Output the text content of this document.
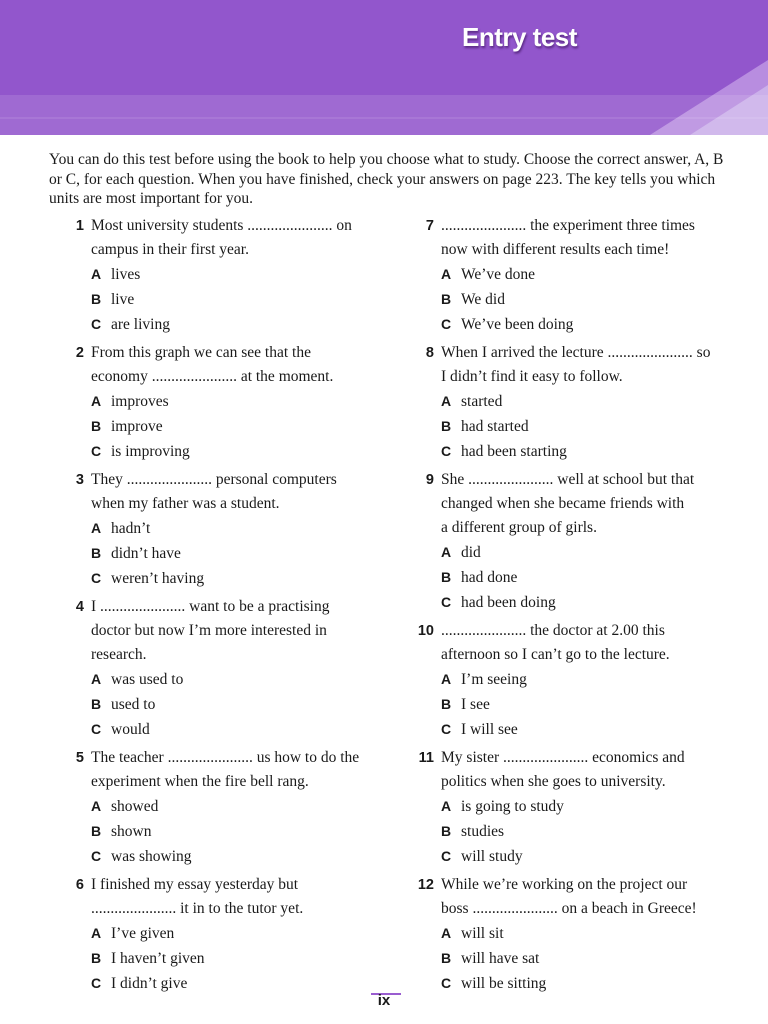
Entry test
You can do this test before using the book to help you choose what to study. Choose the correct answer, A, B or C, for each question. When you have finished, check your answers on page 223. The key tells you which units are most important for you.
1 Most university students ...................... on
campus in their first year.
A lives
B live
C are living
2 From this graph we can see that the
economy ...................... at the moment.
A improves
B improve
C is improving
3 They ...................... personal computers
when my father was a student.
A hadn’t
B didn’t have
C weren’t having
4 I ...................... want to be a practising
doctor but now I’m more interested in
research.
A was used to
B used to
C would
5 The teacher ...................... us how to do the
experiment when the fire bell rang.
A showed
B shown
C was showing
6 I finished my essay yesterday but
...................... it in to the tutor yet.
A I’ve given
B I haven’t given
C I didn’t give
7 ...................... the experiment three times
now with different results each time!
A We’ve done
B We did
C We’ve been doing
8 When I arrived the lecture ...................... so
I didn’t find it easy to follow.
A started
B had started
C had been starting
9 She ...................... well at school but that
changed when she became friends with
a different group of girls.
A did
B had done
C had been doing
10 ...................... the doctor at 2.00 this
afternoon so I can’t go to the lecture.
A I’m seeing
B I see
C I will see
11 My sister ...................... economics and
politics when she goes to university.
A is going to study
B studies
C will study
12 While we’re working on the project our
boss ...................... on a beach in Greece!
A will sit
B will have sat
C will be sitting
ix
